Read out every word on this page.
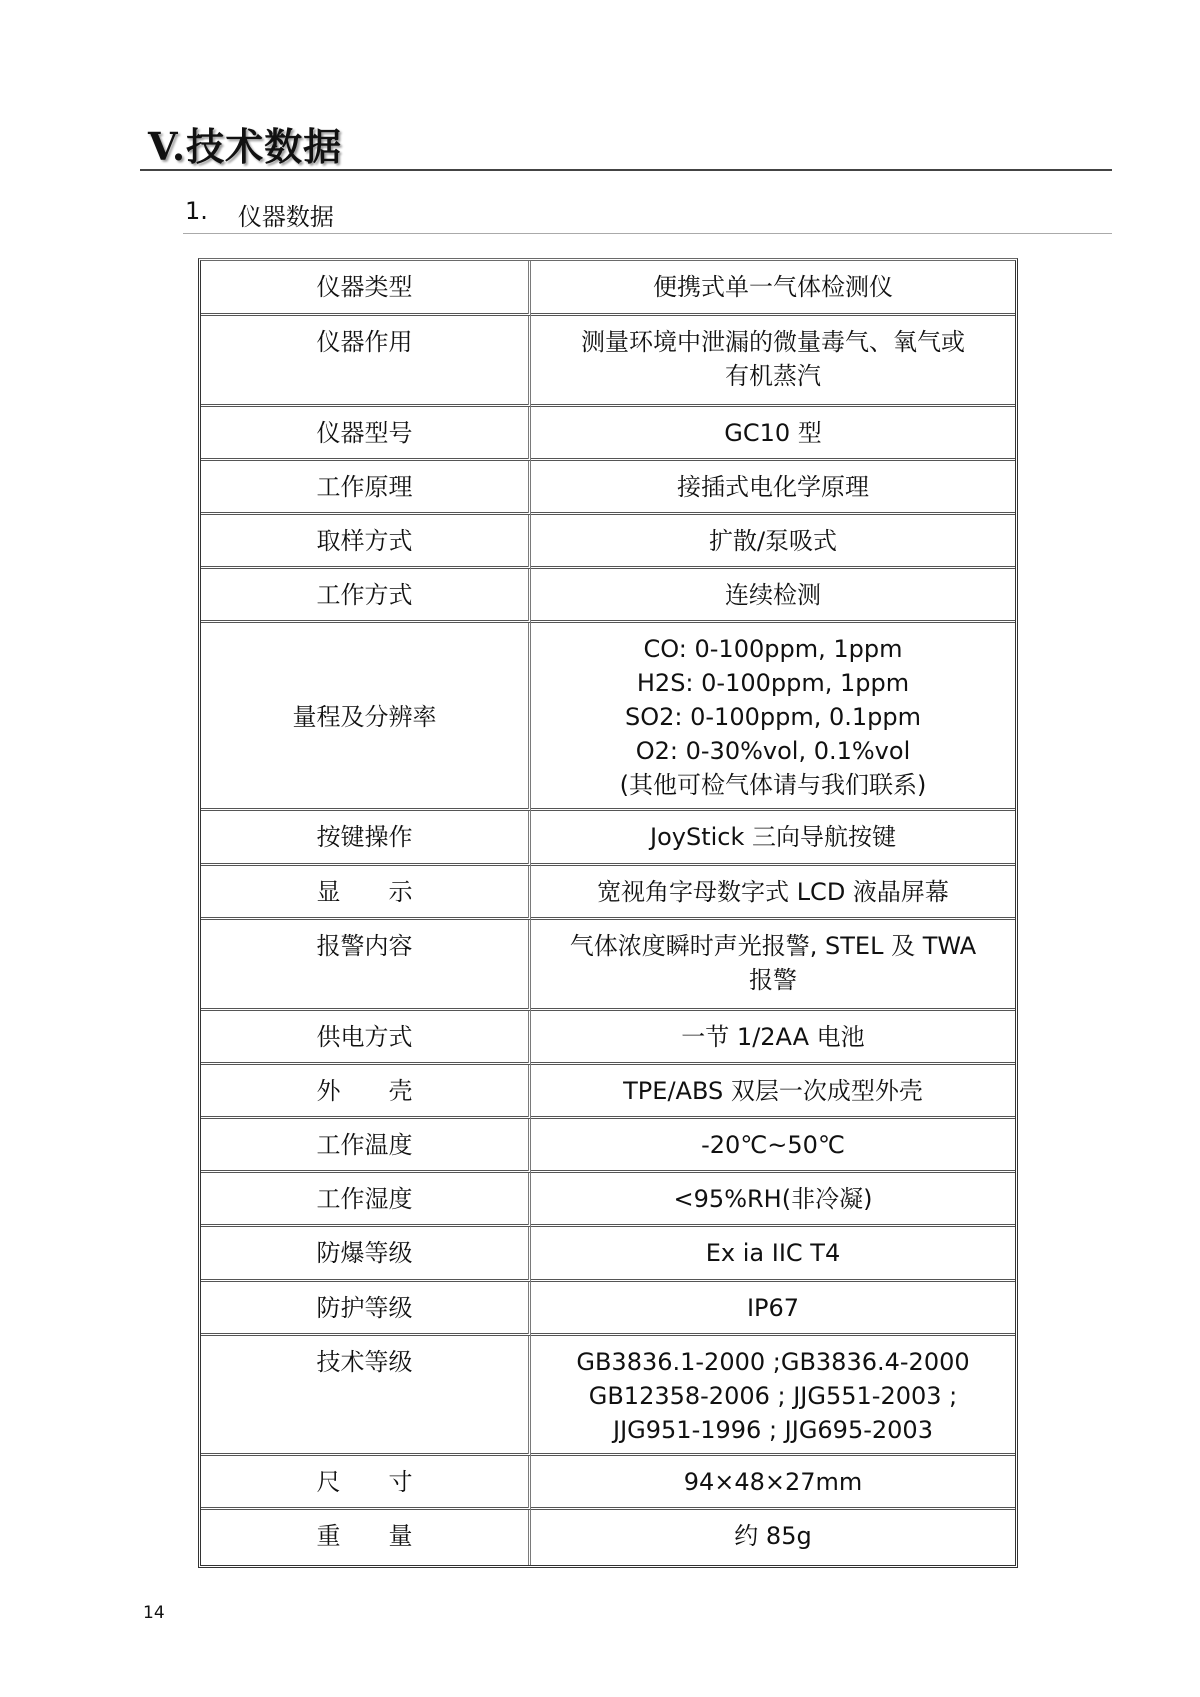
V.技术数据
1. 仪器数据
仪器类型	便携式单一气体检测仪

仪器作用	测量环境中泄漏的微量毒气、氧气或
有机蒸汽

仪器型号	GC10 型

工作原理	接插式电化学原理

取样方式	扩散/泵吸式

工作方式	连续检测

量程及分辨率	CO: 0-100ppm, 1ppm
H2S: 0-100ppm, 1ppm
SO2: 0-100ppm, 0.1ppm
O2: 0-30%vol, 0.1%vol
(其他可检气体请与我们联系)

按键操作	JoyStick 三向导航按键

显　　示	宽视角字母数字式 LCD 液晶屏幕

报警内容	气体浓度瞬时声光报警, STEL 及 TWA
报警

供电方式	一节 1/2AA 电池

外　　壳	TPE/ABS 双层一次成型外壳

工作温度	-20℃~50℃

工作湿度	<95%RH(非冷凝)

防爆等级	Ex ia IIC T4

防护等级	IP67

技术等级	GB3836.1-2000 ;GB3836.4-2000
GB12358-2006 ; JJG551-2003 ;
JJG951-1996 ; JJG695-2003

尺　　寸	94×48×27mm

重　　量	约 85g
14
